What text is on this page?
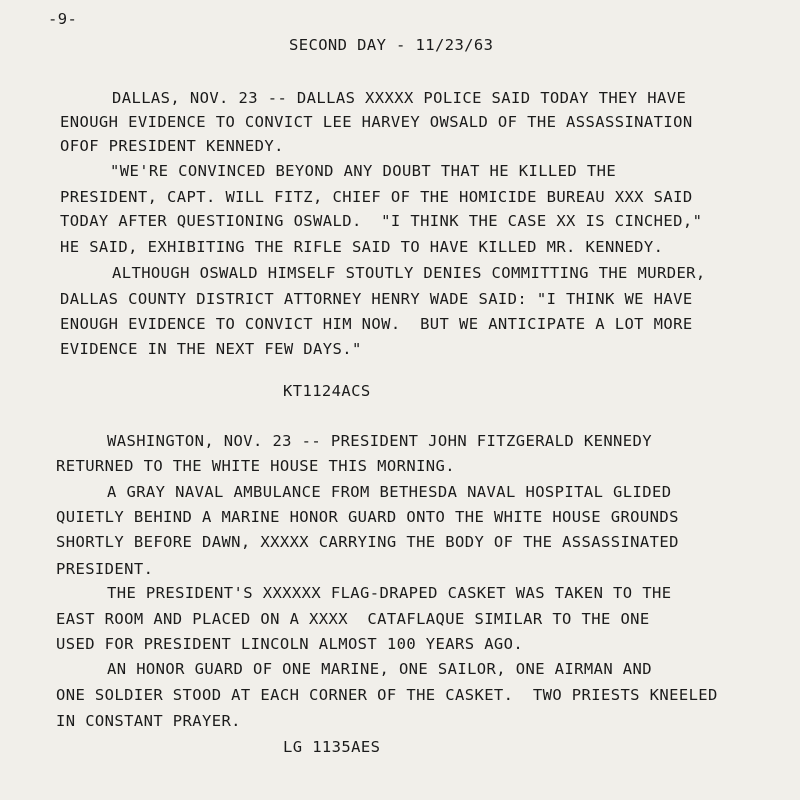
-9-
SECOND DAY - 11/23/63
DALLAS, NOV. 23 -- DALLAS XXXXX POLICE SAID TODAY THEY HAVE
ENOUGH EVIDENCE TO CONVICT LEE HARVEY OWSALD OF THE ASSASSINATION
OFOF PRESIDENT KENNEDY.
"WE'RE CONVINCED BEYOND ANY DOUBT THAT HE KILLED THE
PRESIDENT, CAPT. WILL FITZ, CHIEF OF THE HOMICIDE BUREAU XXX SAID
TODAY AFTER QUESTIONING OSWALD.  "I THINK THE CASE XX IS CINCHED,"
HE SAID, EXHIBITING THE RIFLE SAID TO HAVE KILLED MR. KENNEDY.
ALTHOUGH OSWALD HIMSELF STOUTLY DENIES COMMITTING THE MURDER,
DALLAS COUNTY DISTRICT ATTORNEY HENRY WADE SAID: "I THINK WE HAVE
ENOUGH EVIDENCE TO CONVICT HIM NOW.  BUT WE ANTICIPATE A LOT MORE
EVIDENCE IN THE NEXT FEW DAYS."
KT1124ACS
WASHINGTON, NOV. 23 -- PRESIDENT JOHN FITZGERALD KENNEDY
RETURNED TO THE WHITE HOUSE THIS MORNING.
A GRAY NAVAL AMBULANCE FROM BETHESDA NAVAL HOSPITAL GLIDED
QUIETLY BEHIND A MARINE HONOR GUARD ONTO THE WHITE HOUSE GROUNDS
SHORTLY BEFORE DAWN, XXXXX CARRYING THE BODY OF THE ASSASSINATED
PRESIDENT.
THE PRESIDENT'S XXXXXX FLAG-DRAPED CASKET WAS TAKEN TO THE
EAST ROOM AND PLACED ON A XXXX  CATAFLAQUE SIMILAR TO THE ONE
USED FOR PRESIDENT LINCOLN ALMOST 100 YEARS AGO.
AN HONOR GUARD OF ONE MARINE, ONE SAILOR, ONE AIRMAN AND
ONE SOLDIER STOOD AT EACH CORNER OF THE CASKET.  TWO PRIESTS KNEELED
IN CONSTANT PRAYER.
LG 1135AES
